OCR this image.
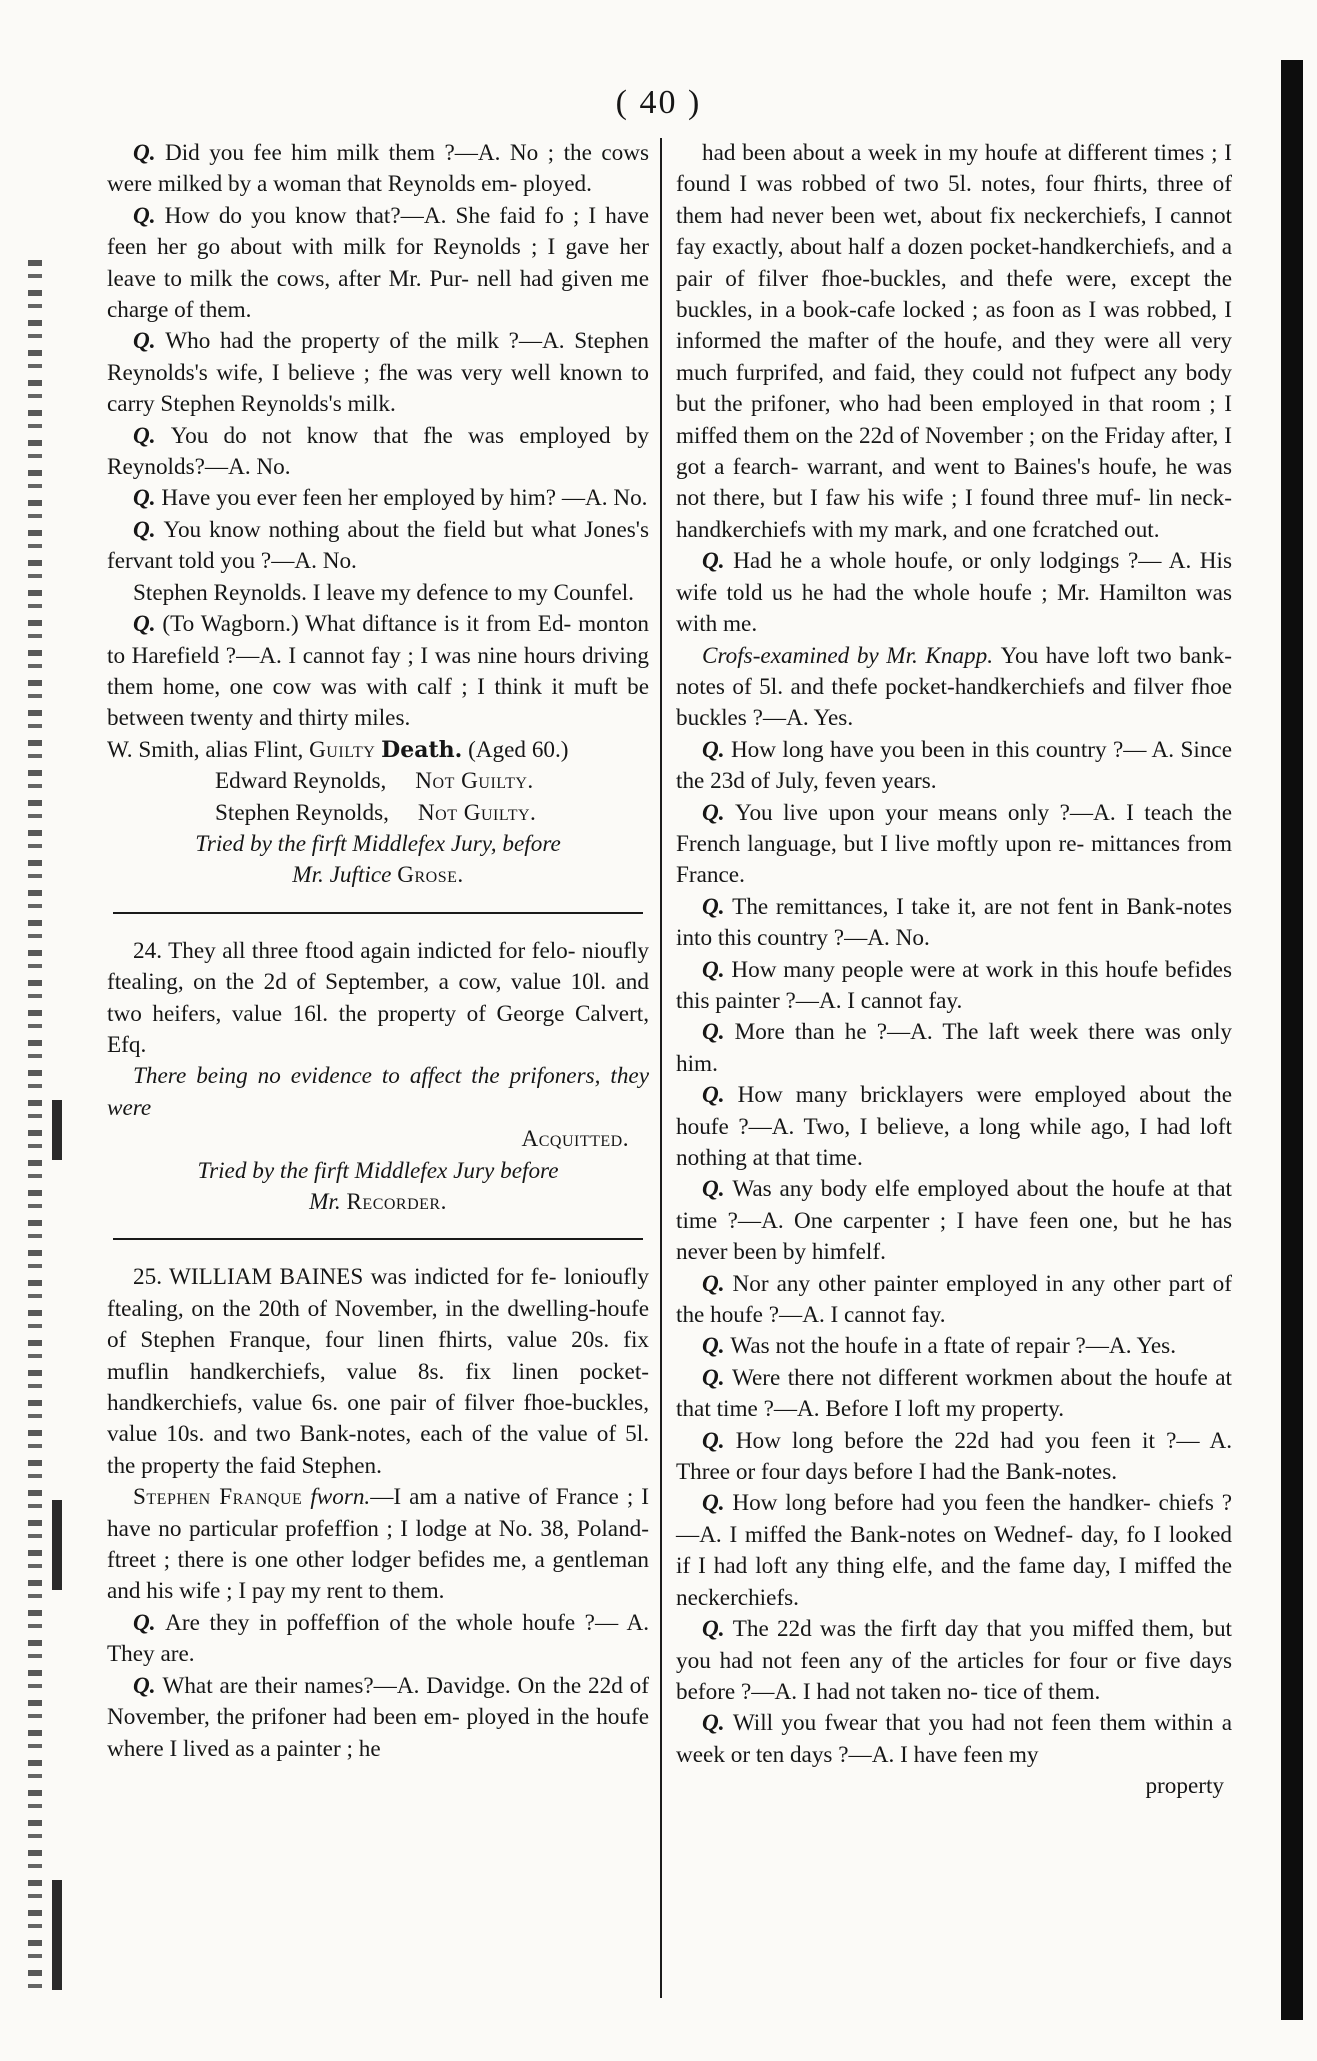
( 40 )

Q. Did you fee him milk them ?—A. No ; the cows were milked by a woman that Reynolds em- ployed.

Q. How do you know that?—A. She faid fo ; I have feen her go about with milk for Reynolds ; I gave her leave to milk the cows, after Mr. Pur- nell had given me charge of them.

Q. Who had the property of the milk ?—A. Stephen Reynolds's wife, I believe ; fhe was very well known to carry Stephen Reynolds's milk.

Q. You do not know that fhe was employed by Reynolds?—A. No.

Q. Have you ever feen her employed by him? —A. No.

Q. You know nothing about the field but what Jones's fervant told you ?—A. No.

Stephen Reynolds. I leave my defence to my Counfel.

Q. (To Wagborn.) What diftance is it from Ed- monton to Harefield ?—A. I cannot fay ; I was nine hours driving them home, one cow was with calf ; I think it muft be between twenty and thirty miles.

W. Smith, alias Flint, Guilty Death. (Aged 60.)
Edward Reynolds, Not Guilty.
Stephen Reynolds, Not Guilty.

Tried by the firft Middlefex Jury, before

Mr. Juftice Grose.

24. They all three ftood again indicted for felo- nioufly ftealing, on the 2d of September, a cow, value 10l. and two heifers, value 16l. the property of George Calvert, Efq.

There being no evidence to affect the prifoners, they were

Acquitted.

Tried by the firft Middlefex Jury before

Mr. Recorder.

25. WILLIAM BAINES was indicted for fe- lonioufly ftealing, on the 20th of November, in the dwelling-houfe of Stephen Franque, four linen fhirts, value 20s. fix muflin handkerchiefs, value 8s. fix linen pocket-handkerchiefs, value 6s. one pair of filver fhoe-buckles, value 10s. and two Bank-notes, each of the value of 5l. the property the faid Stephen.

Stephen Franque fworn.—I am a native of France ; I have no particular profeffion ; I lodge at No. 38, Poland-ftreet ; there is one other lodger befides me, a gentleman and his wife ; I pay my rent to them.

Q. Are they in poffeffion of the whole houfe ?— A. They are.

Q. What are their names?—A. Davidge. On the 22d of November, the prifoner had been em- ployed in the houfe where I lived as a painter ; he

had been about a week in my houfe at different times ; I found I was robbed of two 5l. notes, four fhirts, three of them had never been wet, about fix neckerchiefs, I cannot fay exactly, about half a dozen pocket-handkerchiefs, and a pair of filver fhoe-buckles, and thefe were, except the buckles, in a book-cafe locked ; as foon as I was robbed, I informed the mafter of the houfe, and they were all very much furprifed, and faid, they could not fufpect any body but the prifoner, who had been employed in that room ; I miffed them on the 22d of November ; on the Friday after, I got a fearch- warrant, and went to Baines's houfe, he was not there, but I faw his wife ; I found three muf- lin neck-handkerchiefs with my mark, and one fcratched out.

Q. Had he a whole houfe, or only lodgings ?— A. His wife told us he had the whole houfe ; Mr. Hamilton was with me.

Crofs-examined by Mr. Knapp. You have loft two bank-notes of 5l. and thefe pocket-handkerchiefs and filver fhoe buckles ?—A. Yes.

Q. How long have you been in this country ?— A. Since the 23d of July, feven years.

Q. You live upon your means only ?—A. I teach the French language, but I live moftly upon re- mittances from France.

Q. The remittances, I take it, are not fent in Bank-notes into this country ?—A. No.

Q. How many people were at work in this houfe befides this painter ?—A. I cannot fay.

Q. More than he ?—A. The laft week there was only him.

Q. How many bricklayers were employed about the houfe ?—A. Two, I believe, a long while ago, I had loft nothing at that time.

Q. Was any body elfe employed about the houfe at that time ?—A. One carpenter ; I have feen one, but he has never been by himfelf.

Q. Nor any other painter employed in any other part of the houfe ?—A. I cannot fay.

Q. Was not the houfe in a ftate of repair ?—A. Yes.

Q. Were there not different workmen about the houfe at that time ?—A. Before I loft my property.

Q. How long before the 22d had you feen it ?— A. Three or four days before I had the Bank-notes.

Q. How long before had you feen the handker- chiefs ?—A. I miffed the Bank-notes on Wednef- day, fo I looked if I had loft any thing elfe, and the fame day, I miffed the neckerchiefs.

Q. The 22d was the firft day that you miffed them, but you had not feen any of the articles for four or five days before ?—A. I had not taken no- tice of them.

Q. Will you fwear that you had not feen them within a week or ten days ?—A. I have feen my

property
